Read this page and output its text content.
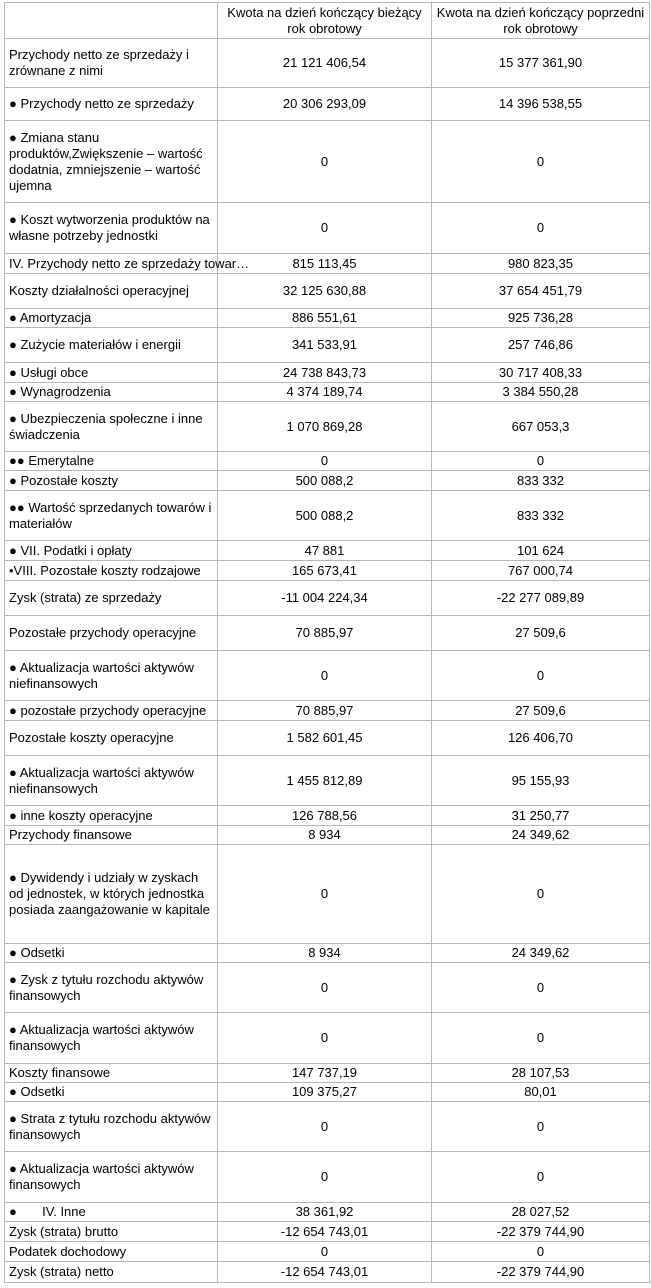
	Kwota na dzień kończący bieżący rok obrotowy	Kwota na dzień kończący poprzedni rok obrotowy
Przychody netto ze sprzedaży i zrównane z nimi	21 121 406,54	15 377 361,90
● Przychody netto ze sprzedaży	20 306 293,09	14 396 538,55
● Zmiana stanu produktów,Zwiększenie – wartość dodatnia, zmniejszenie – wartość ujemna	0	0
● Koszt wytworzenia produktów na własne potrzeby jednostki	0	0
IV. Przychody netto ze sprzedaży towar…	815 113,45	980 823,35
Koszty działalności operacyjnej	32 125 630,88	37 654 451,79
● Amortyzacja	886 551,61	925 736,28
● Zużycie materiałów i energii	341 533,91	257 746,86
● Usługi obce	24 738 843,73	30 717 408,33
● Wynagrodzenia	4 374 189,74	3 384 550,28
● Ubezpieczenia społeczne i inne świadczenia	1 070 869,28	667 053,3
●● Emerytalne	0	0
● Pozostałe koszty	500 088,2	833 332
●● Wartość sprzedanych towarów i materiałów	500 088,2	833 332
● VII. Podatki i opłaty	47 881	101 624
•VIII. Pozostałe koszty rodzajowe	165 673,41	767 000,74
Zysk (strata) ze sprzedaży	-11 004 224,34	-22 277 089,89
Pozostałe przychody operacyjne	70 885,97	27 509,6
● Aktualizacja wartości aktywów niefinansowych	0	0
● pozostałe przychody operacyjne	70 885,97	27 509,6
Pozostałe koszty operacyjne	1 582 601,45	126 406,70
● Aktualizacja wartości aktywów niefinansowych	1 455 812,89	95 155,93
● inne koszty operacyjne	126 788,56	31 250,77
Przychody finansowe	8 934	24 349,62
● Dywidendy i udziały w zyskach od jednostek, w których jednostka posiada zaangażowanie w kapitale	0	0
● Odsetki	8 934	24 349,62
● Zysk z tytułu rozchodu aktywów finansowych	0	0
● Aktualizacja wartości aktywów finansowych	0	0
Koszty finansowe	147 737,19	28 107,53
● Odsetki	109 375,27	80,01
● Strata z tytułu rozchodu aktywów finansowych	0	0
● Aktualizacja wartości aktywów finansowych	0	0
●       IV. Inne	38 361,92	28 027,52
Zysk (strata) brutto	-12 654 743,01	-22 379 744,90
Podatek dochodowy	0	0
Zysk (strata) netto	-12 654 743,01	-22 379 744,90
